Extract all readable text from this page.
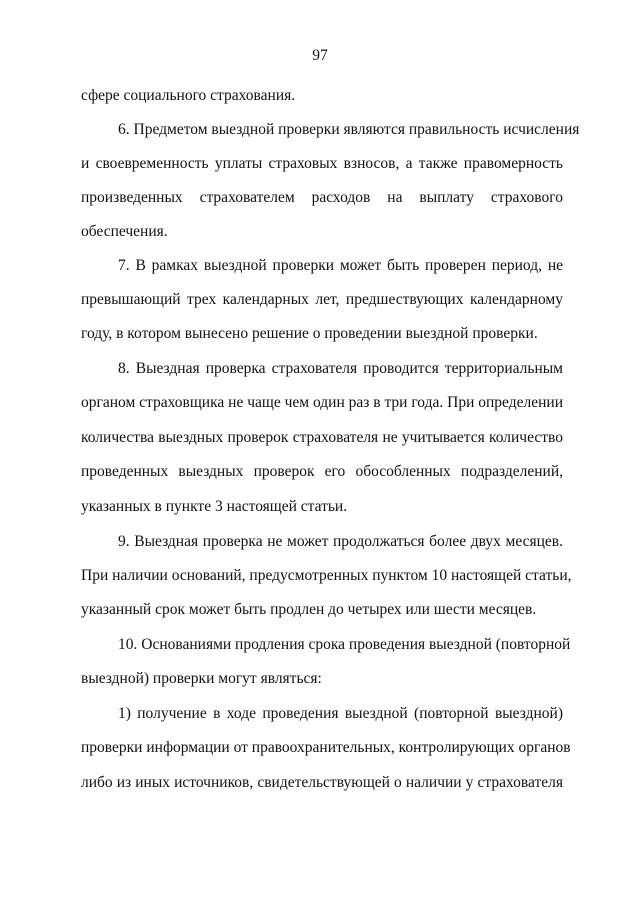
97
сфере социального страхования.
6. Предметом выездной проверки являются правильность исчисления
и своевременность уплаты страховых взносов, а также правомерность
произведенных страхователем расходов на выплату страхового
обеспечения.
7. В рамках выездной проверки может быть проверен период, не
превышающий трех календарных лет, предшествующих календарному
году, в котором вынесено решение о проведении выездной проверки.
8. Выездная проверка страхователя проводится территориальным
органом страховщика не чаще чем один раз в три года. При определении
количества выездных проверок страхователя не учитывается количество
проведенных выездных проверок его обособленных подразделений,
указанных в пункте 3 настоящей статьи.
9. Выездная проверка не может продолжаться более двух месяцев.
При наличии оснований, предусмотренных пунктом 10 настоящей статьи,
указанный срок может быть продлен до четырех или шести месяцев.
10. Основаниями продления срока проведения выездной (повторной
выездной) проверки могут являться:
1) получение в ходе проведения выездной (повторной выездной)
проверки информации от правоохранительных, контролирующих органов
либо из иных источников, свидетельствующей о наличии у страхователя
